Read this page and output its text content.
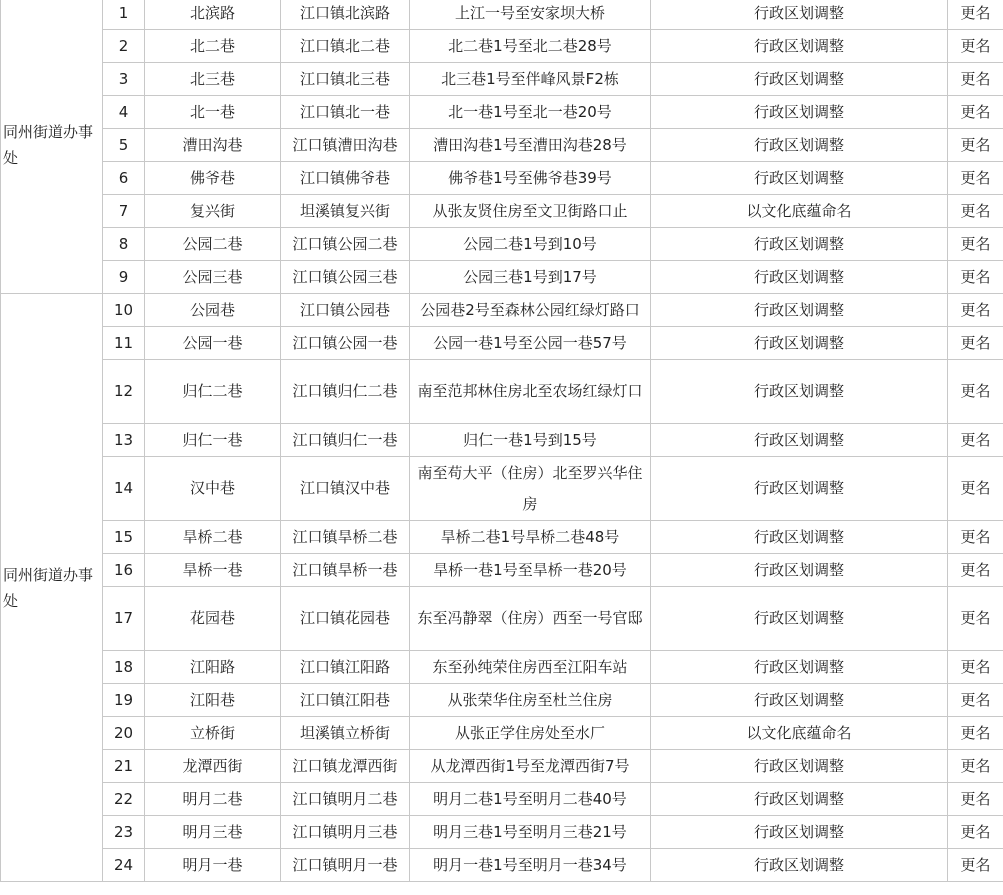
同州街道办事处	1	北滨路	江口镇北滨路	上江一号至安家坝大桥	行政区划调整	更名
	2	北二巷	江口镇北二巷	北二巷1号至北二巷28号	行政区划调整	更名
	3	北三巷	江口镇北三巷	北三巷1号至伴峰风景F2栋	行政区划调整	更名
	4	北一巷	江口镇北一巷	北一巷1号至北一巷20号	行政区划调整	更名
	5	漕田沟巷	江口镇漕田沟巷	漕田沟巷1号至漕田沟巷28号	行政区划调整	更名
	6	佛爷巷	江口镇佛爷巷	佛爷巷1号至佛爷巷39号	行政区划调整	更名
	7	复兴街	坦溪镇复兴街	从张友贤住房至文卫街路口止	以文化底蕴命名	更名
	8	公园二巷	江口镇公园二巷	公园二巷1号到10号	行政区划调整	更名
	9	公园三巷	江口镇公园三巷	公园三巷1号到17号	行政区划调整	更名
同州街道办事处	10	公园巷	江口镇公园巷	公园巷2号至森林公园红绿灯路口	行政区划调整	更名
	11	公园一巷	江口镇公园一巷	公园一巷1号至公园一巷57号	行政区划调整	更名
	12	归仁二巷	江口镇归仁二巷	南至范邦林住房北至农场红绿灯口	行政区划调整	更名
	13	归仁一巷	江口镇归仁一巷	归仁一巷1号到15号	行政区划调整	更名
	14	汉中巷	江口镇汉中巷	南至苟大平（住房）北至罗兴华住房	行政区划调整	更名
	15	旱桥二巷	江口镇旱桥二巷	旱桥二巷1号旱桥二巷48号	行政区划调整	更名
	16	旱桥一巷	江口镇旱桥一巷	旱桥一巷1号至旱桥一巷20号	行政区划调整	更名
	17	花园巷	江口镇花园巷	东至冯静翠（住房）西至一号官邸	行政区划调整	更名
	18	江阳路	江口镇江阳路	东至孙纯荣住房西至江阳车站	行政区划调整	更名
	19	江阳巷	江口镇江阳巷	从张荣华住房至杜兰住房	行政区划调整	更名
	20	立桥街	坦溪镇立桥街	从张正学住房处至水厂	以文化底蕴命名	更名
	21	龙潭西街	江口镇龙潭西街	从龙潭西街1号至龙潭西街7号	行政区划调整	更名
	22	明月二巷	江口镇明月二巷	明月二巷1号至明月二巷40号	行政区划调整	更名
	23	明月三巷	江口镇明月三巷	明月三巷1号至明月三巷21号	行政区划调整	更名
	24	明月一巷	江口镇明月一巷	明月一巷1号至明月一巷34号	行政区划调整	更名
